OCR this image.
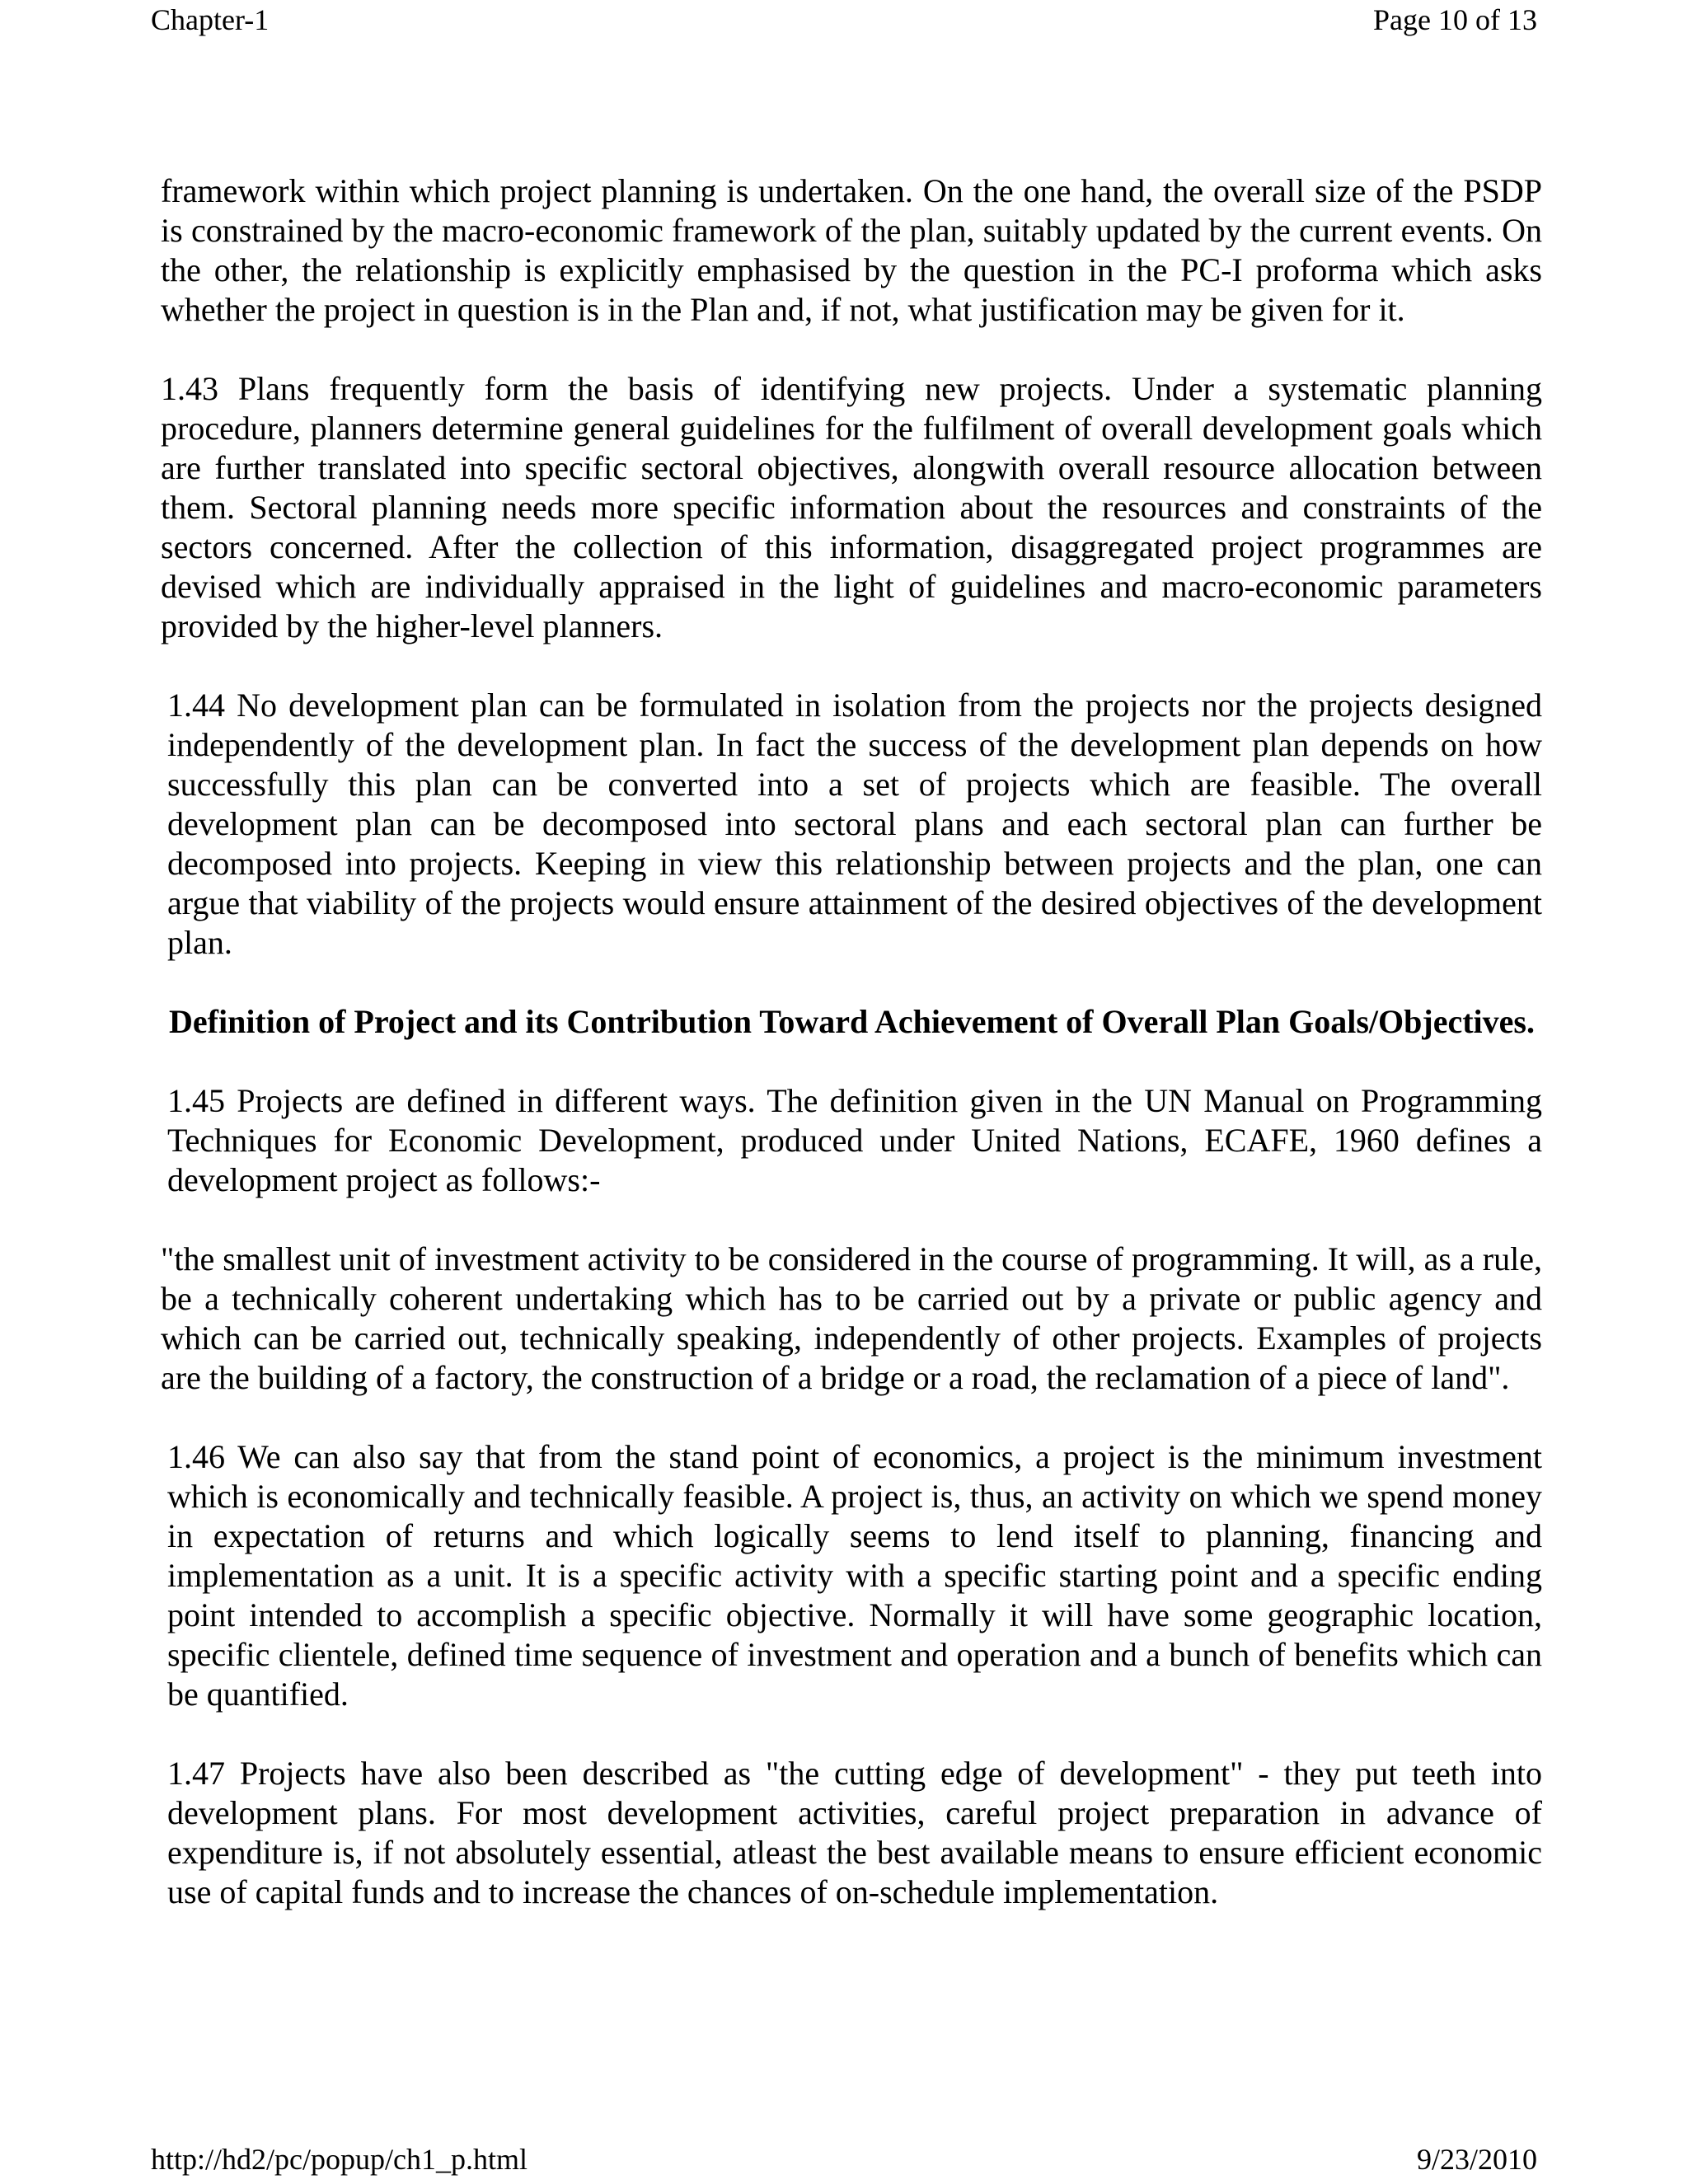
Chapter-1	Page 10 of 13

framework within which project planning is undertaken. On the one hand, the overall size of the PSDP is constrained by the macro-economic framework of the plan, suitably updated by the current events. On the other, the relationship is explicitly emphasised by the question in the PC-I proforma which asks whether the project in question is in the Plan and, if not, what justification may be given for it.

1.43 Plans frequently form the basis of identifying new projects. Under a systematic planning procedure, planners determine general guidelines for the fulfilment of overall development goals which are further translated into specific sectoral objectives, alongwith overall resource allocation between them. Sectoral planning needs more specific information about the resources and constraints of the sectors concerned. After the collection of this information, disaggregated project programmes are devised which are individually appraised in the light of guidelines and macro-economic parameters provided by the higher-level planners.

1.44 No development plan can be formulated in isolation from the projects nor the projects designed independently of the development plan. In fact the success of the development plan depends on how successfully this plan can be converted into a set of projects which are feasible. The overall development plan can be decomposed into sectoral plans and each sectoral plan can further be decomposed into projects. Keeping in view this relationship between projects and the plan, one can argue that viability of the projects would ensure attainment of the desired objectives of the development plan.

Definition of Project and its Contribution Toward Achievement of Overall Plan Goals/Objectives.

1.45 Projects are defined in different ways. The definition given in the UN Manual on Programming Techniques for Economic Development, produced under United Nations, ECAFE, 1960 defines a development project as follows:-

"the smallest unit of investment activity to be considered in the course of programming. It will, as a rule, be a technically coherent undertaking which has to be carried out by a private or public agency and which can be carried out, technically speaking, independently of other projects. Examples of projects are the building of a factory, the construction of a bridge or a road, the reclamation of a piece of land".

1.46 We can also say that from the stand point of economics, a project is the minimum investment which is economically and technically feasible. A project is, thus, an activity on which we spend money in expectation of returns and which logically seems to lend itself to planning, financing and implementation as a unit. It is a specific activity with a specific starting point and a specific ending point intended to accomplish a specific objective. Normally it will have some geographic location, specific clientele, defined time sequence of investment and operation and a bunch of benefits which can be quantified.

1.47 Projects have also been described as "the cutting edge of development" - they put teeth into development plans. For most development activities, careful project preparation in advance of expenditure is, if not absolutely essential, atleast the best available means to ensure efficient economic use of capital funds and to increase the chances of on-schedule implementation.

http://hd2/pc/popup/ch1_p.html	9/23/2010
